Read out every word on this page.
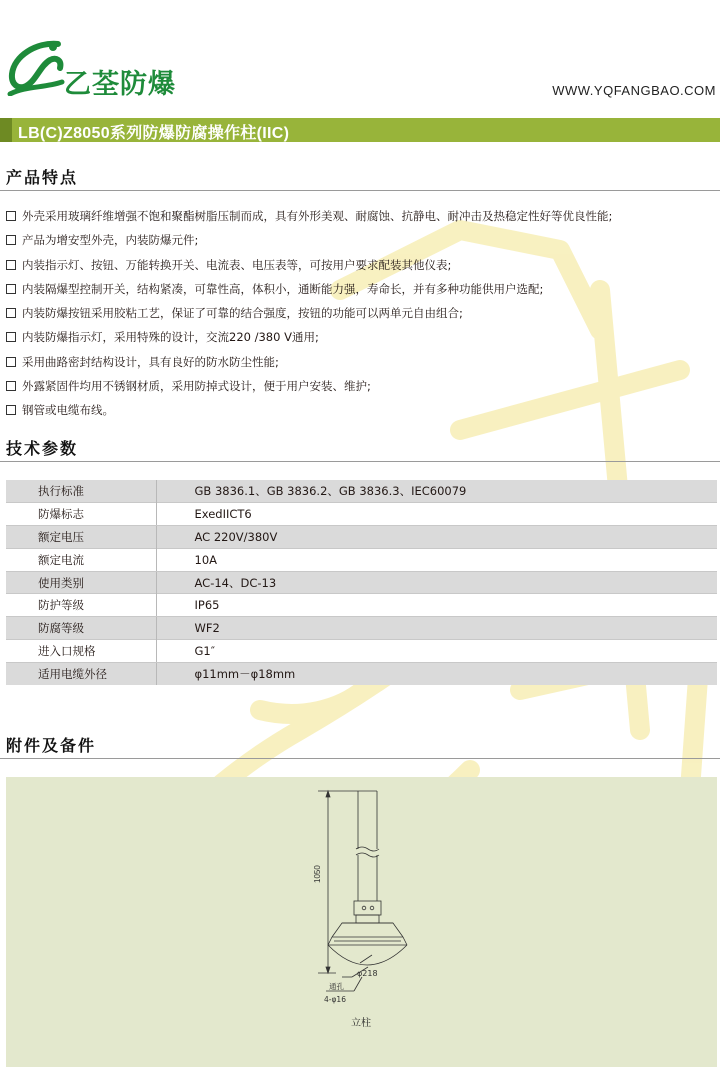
乙荃防爆	WWW.YQFANGBAO.COM
LB(C)Z8050系列防爆防腐操作柱(IIC)
产品特点
外壳采用玻璃纤维增强不饱和聚酯树脂压制而成，具有外形美观、耐腐蚀、抗静电、耐冲击及热稳定性好等优良性能;
产品为增安型外壳，内装防爆元件;
内装指示灯、按钮、万能转换开关、电流表、电压表等，可按用户要求配装其他仪表;
内装隔爆型控制开关，结构紧凑，可靠性高，体积小，通断能力强，寿命长，并有多种功能供用户选配;
内装防爆按钮采用胶粘工艺，保证了可靠的结合强度，按钮的功能可以两单元自由组合;
内装防爆指示灯，采用特殊的设计，交流220 /380 V通用;
采用曲路密封结构设计，具有良好的防水防尘性能;
外露紧固件均用不锈钢材质，采用防掉式设计，便于用户安装、维护;
钢管或电缆布线。
技术参数
执行标准	GB 3836.1、GB 3836.2、GB 3836.3、IEC60079
防爆标志	ExedIICT6
额定电压	AC 220V/380V
额定电流	10A
使用类别	AC-14、DC-13
防护等级	IP65
防腐等级	WF2
进入口规格	G1″
适用电缆外径	φ11mm－φ18mm
附件及备件
1050
φ218
通孔
4-φ16
立柱
